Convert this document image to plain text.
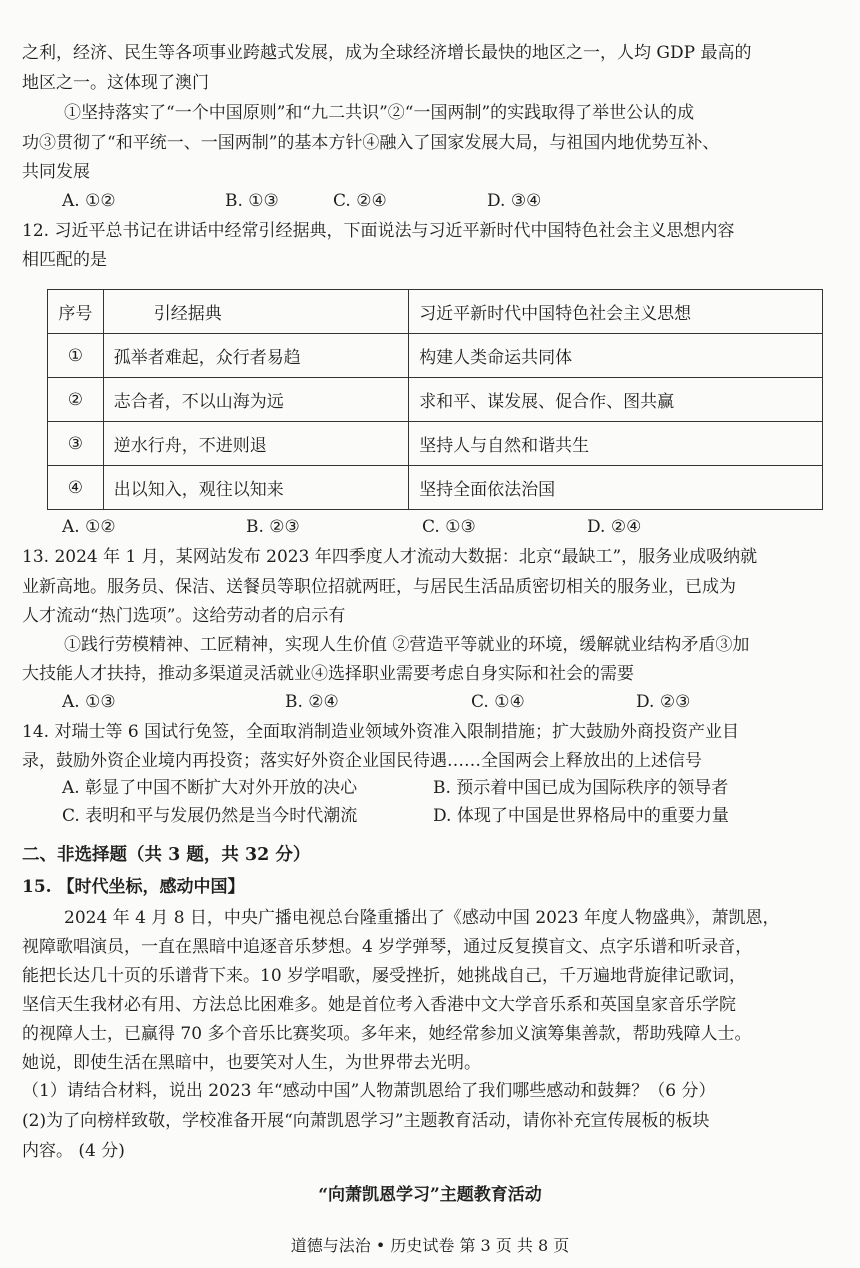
之利，经济、民生等各项事业跨越式发展，成为全球经济增长最快的地区之一，人均 GDP 最高的
地区之一。这体现了澳门
①坚持落实了“一个中国原则”和“九二共识”②“一国两制”的实践取得了举世公认的成
功③贯彻了“和平统一、一国两制”的基本方针④融入了国家发展大局，与祖国内地优势互补、
共同发展
A. ①②	B. ①③	C. ②④	D. ③④
12. 习近平总书记在讲话中经常引经据典，下面说法与习近平新时代中国特色社会主义思想内容
相匹配的是
序号	引经据典	习近平新时代中国特色社会主义思想
①	孤举者难起，众行者易趋	构建人类命运共同体
②	志合者，不以山海为远	求和平、谋发展、促合作、图共赢
③	逆水行舟，不进则退	坚持人与自然和谐共生
④	出以知入，观往以知来	坚持全面依法治国
A. ①②	B. ②③	C. ①③	D. ②④
13. 2024 年 1 月，某网站发布 2023 年四季度人才流动大数据：北京“最缺工”，服务业成吸纳就
业新高地。服务员、保洁、送餐员等职位招就两旺，与居民生活品质密切相关的服务业，已成为
人才流动“热门选项”。这给劳动者的启示有
①践行劳模精神、工匠精神，实现人生价值 ②营造平等就业的环境，缓解就业结构矛盾③加
大技能人才扶持，推动多渠道灵活就业④选择职业需要考虑自身实际和社会的需要
A. ①③	B. ②④	C. ①④	D. ②③
14. 对瑞士等 6 国试行免签，全面取消制造业领域外资准入限制措施；扩大鼓励外商投资产业目
录，鼓励外资企业境内再投资；落实好外资企业国民待遇……全国两会上释放出的上述信号
A. 彰显了中国不断扩大对外开放的决心	B. 预示着中国已成为国际秩序的领导者
C. 表明和平与发展仍然是当今时代潮流	D. 体现了中国是世界格局中的重要力量
二、非选择题（共 3 题，共 32 分）
15. 【时代坐标，感动中国】
2024 年 4 月 8 日，中央广播电视总台隆重播出了《感动中国 2023 年度人物盛典》，萧凯恩，
视障歌唱演员，一直在黑暗中追逐音乐梦想。4 岁学弹琴，通过反复摸盲文、点字乐谱和听录音，
能把长达几十页的乐谱背下来。10 岁学唱歌，屡受挫折，她挑战自己，千万遍地背旋律记歌词，
坚信天生我材必有用、方法总比困难多。她是首位考入香港中文大学音乐系和英国皇家音乐学院
的视障人士，已赢得 70 多个音乐比赛奖项。多年来，她经常参加义演筹集善款，帮助残障人士。
她说，即使生活在黑暗中，也要笑对人生，为世界带去光明。
（1）请结合材料，说出 2023 年“感动中国”人物萧凯恩给了我们哪些感动和鼓舞？（6 分）
(2)为了向榜样致敬，学校准备开展“向萧凯恩学习”主题教育活动，请你补充宣传展板的板块
内容。 (4 分)
“向萧凯恩学习”主题教育活动
道德与法治 • 历史试卷 第 3 页 共 8 页
